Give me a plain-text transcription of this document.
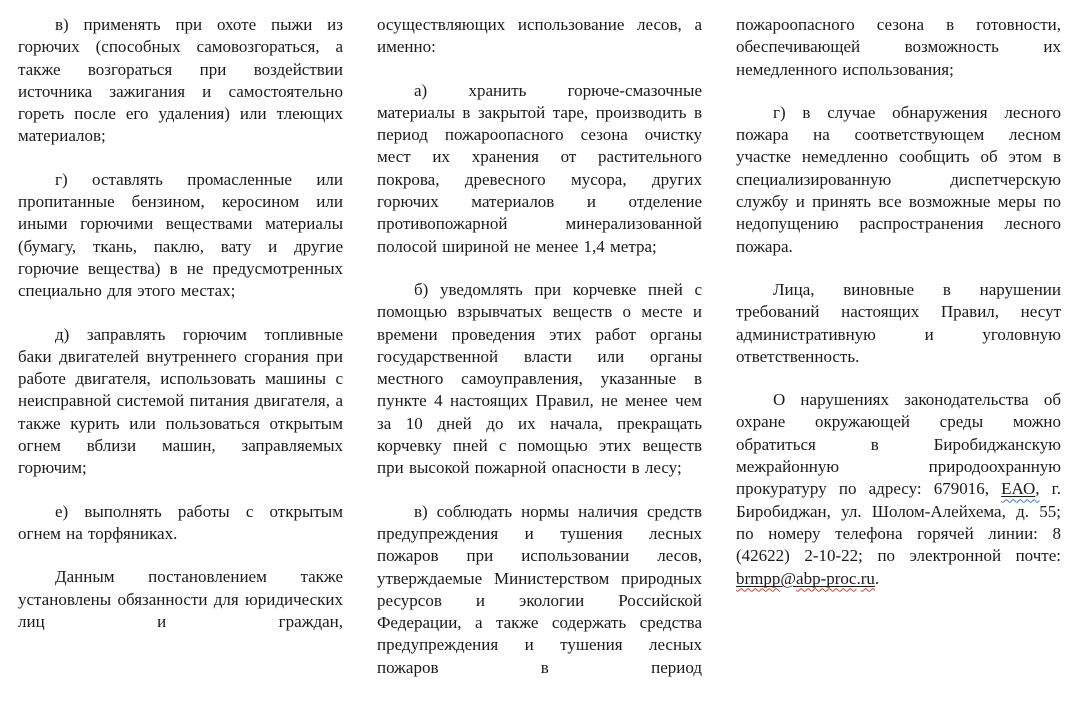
в) применять при охоте пыжи из горючих (способных самовозгораться, а также возгораться при воздействии источника зажигания и самостоятельно гореть после его удаления) или тлеющих материалов;

г) оставлять промасленные или пропитанные бензином, керосином или иными горючими веществами материалы (бумагу, ткань, паклю, вату и другие горючие вещества) в не предусмотренных специально для этого местах;

д) заправлять горючим топливные баки двигателей внутреннего сгорания при работе двигателя, использовать машины с неисправной системой питания двигателя, а также курить или пользоваться открытым огнем вблизи машин, заправляемых горючим;

е) выполнять работы с открытым огнем на торфяниках.

Данным постановлением также установлены обязанности для юридических лиц и граждан,

осуществляющих использование лесов, а именно:

а) хранить горюче-смазочные материалы в закрытой таре, производить в период пожароопасного сезона очистку мест их хранения от растительного покрова, древесного мусора, других горючих материалов и отделение противопожарной минерализованной полосой шириной не менее 1,4 метра;

б) уведомлять при корчевке пней с помощью взрывчатых веществ о месте и времени проведения этих работ органы государственной власти или органы местного самоуправления, указанные в пункте 4 настоящих Правил, не менее чем за 10 дней до их начала, прекращать корчевку пней с помощью этих веществ при высокой пожарной опасности в лесу;

в) соблюдать нормы наличия средств предупреждения и тушения лесных пожаров при использовании лесов, утверждаемые Министерством природных ресурсов и экологии Российской Федерации, а также содержать средства предупреждения и тушения лесных пожаров в период

пожароопасного сезона в готовности, обеспечивающей возможность их немедленного использования;

г) в случае обнаружения лесного пожара на соответствующем лесном участке немедленно сообщить об этом в специализированную диспетчерскую службу и принять все возможные меры по недопущению распространения лесного пожара.

Лица, виновные в нарушении требований настоящих Правил, несут административную и уголовную ответственность.

О нарушениях законодательства об охране окружающей среды можно обратиться в Биробиджанскую межрайонную природоохранную прокуратуру по адресу: 679016, ЕАО, г. Биробиджан, ул. Шолом-Алейхема, д. 55; по номеру телефона горячей линии: 8 (42622) 2-10-22; по электронной почте: brmpp@abp-proc.ru.
